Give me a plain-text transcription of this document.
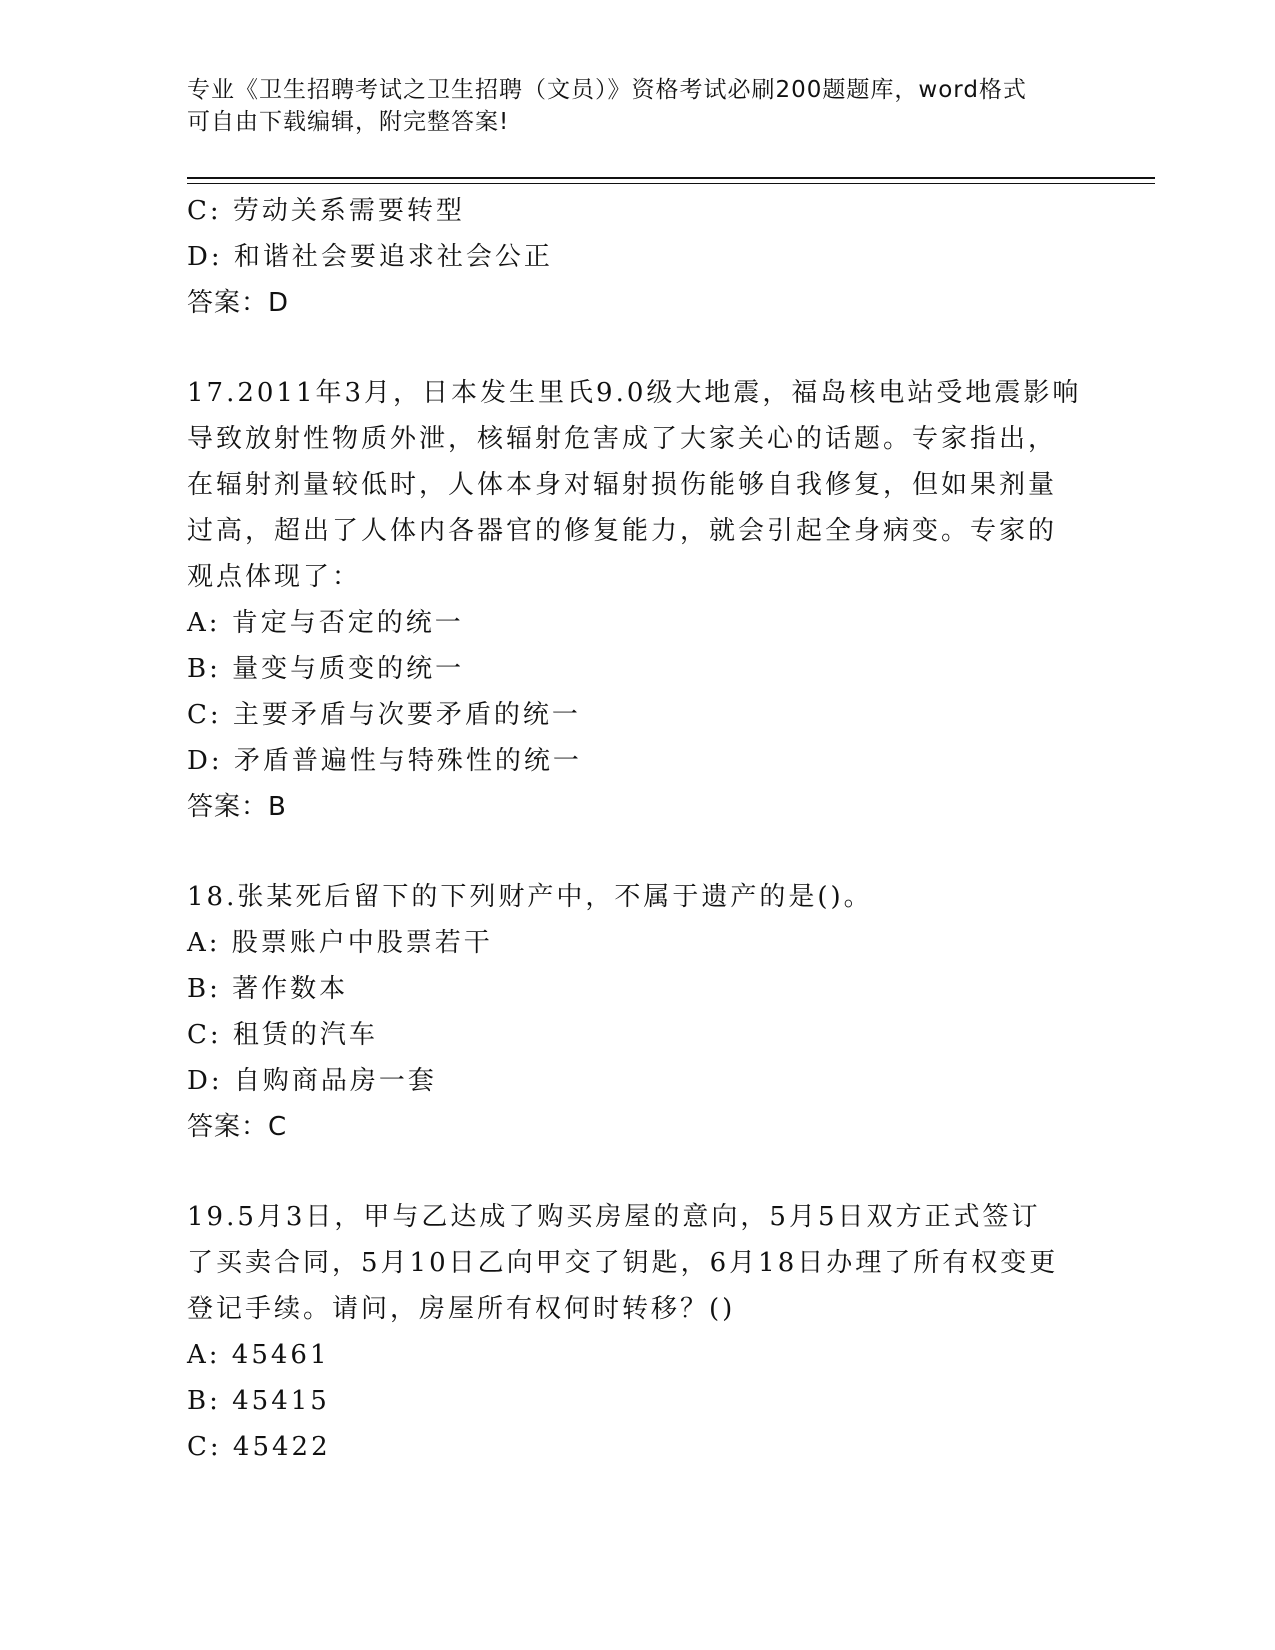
专业《卫生招聘考试之卫生招聘（文员）》资格考试必刷200题题库，word格式
可自由下载编辑，附完整答案!
C: 劳动关系需要转型
D: 和谐社会要追求社会公正
答案：D
17.2011年3月，日本发生里氏9.0级大地震，福岛核电站受地震影响
导致放射性物质外泄，核辐射危害成了大家关心的话题。专家指出，
在辐射剂量较低时，人体本身对辐射损伤能够自我修复，但如果剂量
过高，超出了人体内各器官的修复能力，就会引起全身病变。专家的
观点体现了：
A: 肯定与否定的统一
B: 量变与质变的统一
C: 主要矛盾与次要矛盾的统一
D: 矛盾普遍性与特殊性的统一
答案：B
18.张某死后留下的下列财产中，不属于遗产的是()。
A: 股票账户中股票若干
B: 著作数本
C: 租赁的汽车
D: 自购商品房一套
答案：C
19.5月3日，甲与乙达成了购买房屋的意向，5月5日双方正式签订
了买卖合同，5月10日乙向甲交了钥匙，6月18日办理了所有权变更
登记手续。请问，房屋所有权何时转移？()
A: 45461
B: 45415
C: 45422
